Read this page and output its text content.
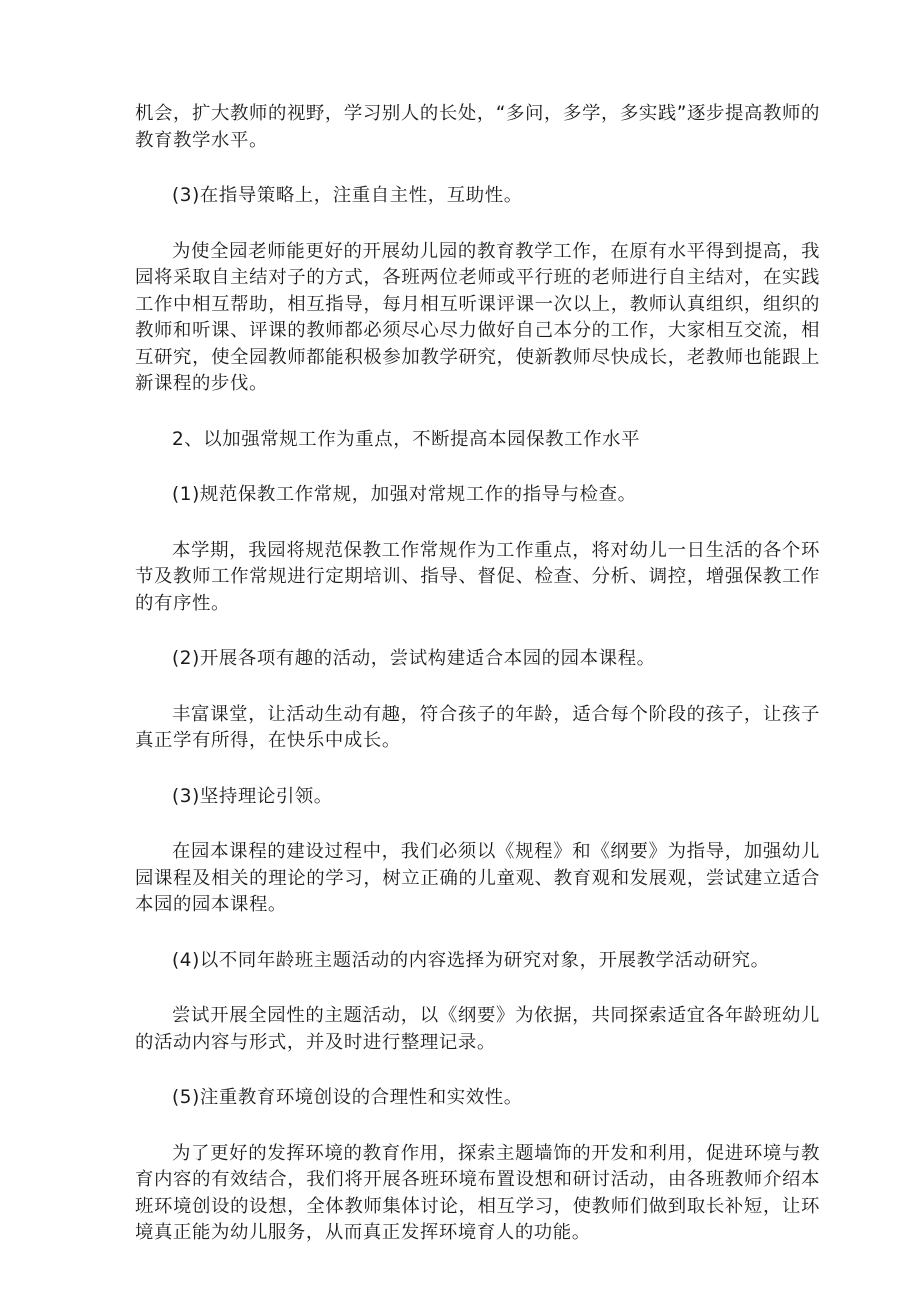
机会，扩大教师的视野，学习别人的长处，“多问，多学，多实践”逐步提高教师的教育教学水平。

(3)在指导策略上，注重自主性，互助性。

为使全园老师能更好的开展幼儿园的教育教学工作，在原有水平得到提高，我园将采取自主结对子的方式，各班两位老师或平行班的老师进行自主结对，在实践工作中相互帮助，相互指导，每月相互听课评课一次以上，教师认真组织，组织的教师和听课、评课的教师都必须尽心尽力做好自己本分的工作，大家相互交流，相互研究，使全园教师都能积极参加教学研究，使新教师尽快成长，老教师也能跟上新课程的步伐。

2、以加强常规工作为重点，不断提高本园保教工作水平

(1)规范保教工作常规，加强对常规工作的指导与检查。

本学期，我园将规范保教工作常规作为工作重点，将对幼儿一日生活的各个环节及教师工作常规进行定期培训、指导、督促、检查、分析、调控，增强保教工作的有序性。

(2)开展各项有趣的活动，尝试构建适合本园的园本课程。

丰富课堂，让活动生动有趣，符合孩子的年龄，适合每个阶段的孩子，让孩子真正学有所得，在快乐中成长。

(3)坚持理论引领。

在园本课程的建设过程中，我们必须以《规程》和《纲要》为指导，加强幼儿园课程及相关的理论的学习，树立正确的儿童观、教育观和发展观，尝试建立适合本园的园本课程。

(4)以不同年龄班主题活动的内容选择为研究对象，开展教学活动研究。

尝试开展全园性的主题活动，以《纲要》为依据，共同探索适宜各年龄班幼儿的活动内容与形式，并及时进行整理记录。

(5)注重教育环境创设的合理性和实效性。

为了更好的发挥环境的教育作用，探索主题墙饰的开发和利用，促进环境与教育内容的有效结合，我们将开展各班环境布置设想和研讨活动，由各班教师介绍本班环境创设的设想，全体教师集体讨论，相互学习，使教师们做到取长补短，让环境真正能为幼儿服务，从而真正发挥环境育人的功能。
